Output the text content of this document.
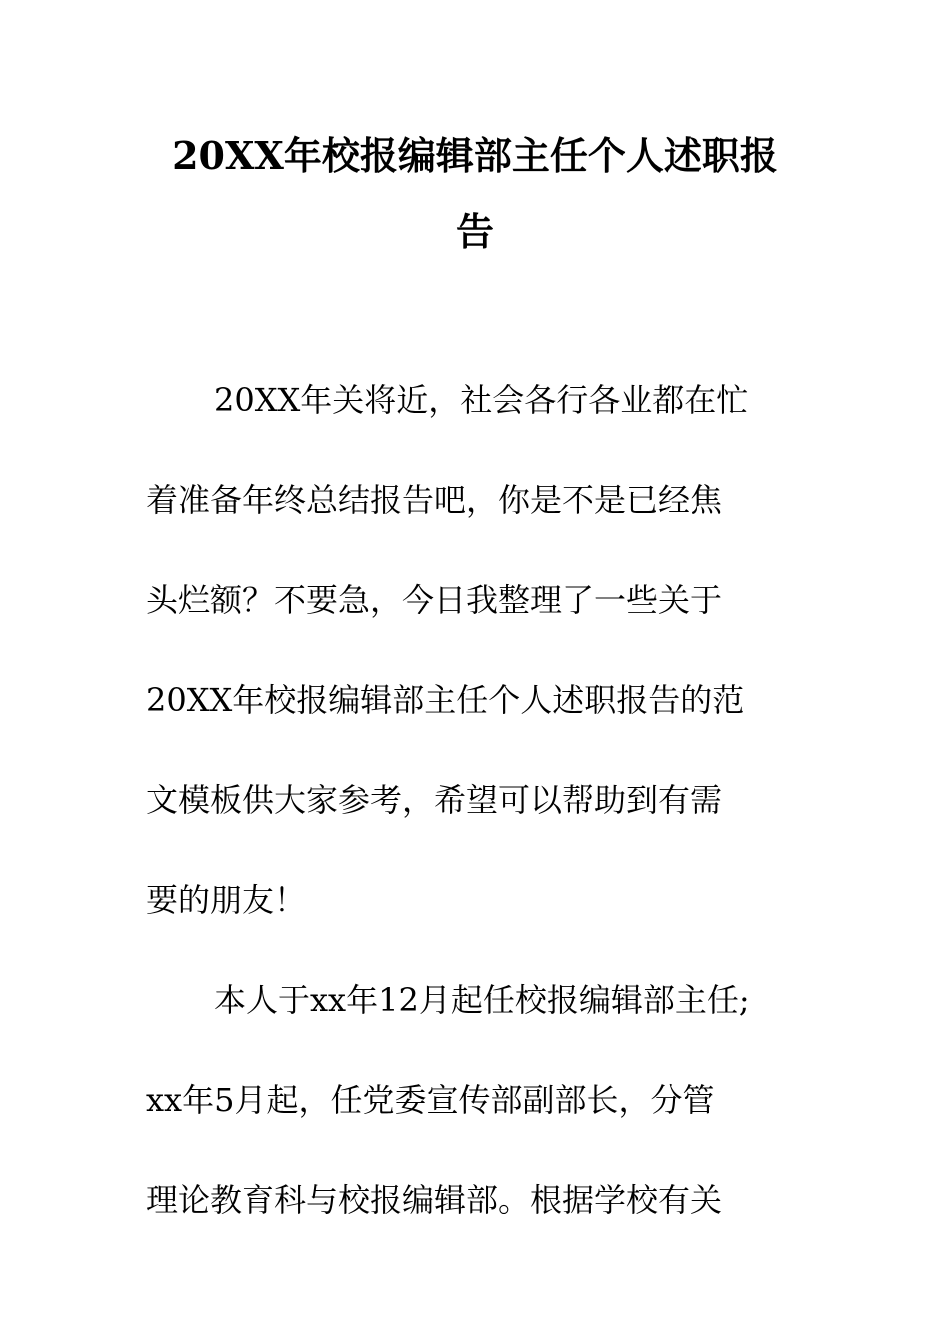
20XX年校报编辑部主任个人述职报
告

20XX年关将近，社会各行各业都在忙

着准备年终总结报告吧，你是不是已经焦

头烂额？不要急，今日我整理了一些关于

20XX年校报编辑部主任个人述职报告的范

文模板供大家参考，希望可以帮助到有需

要的朋友！

本人于xx年12月起任校报编辑部主任;

xx年5月起，任党委宣传部副部长，分管

理论教育科与校报编辑部。根据学校有关
